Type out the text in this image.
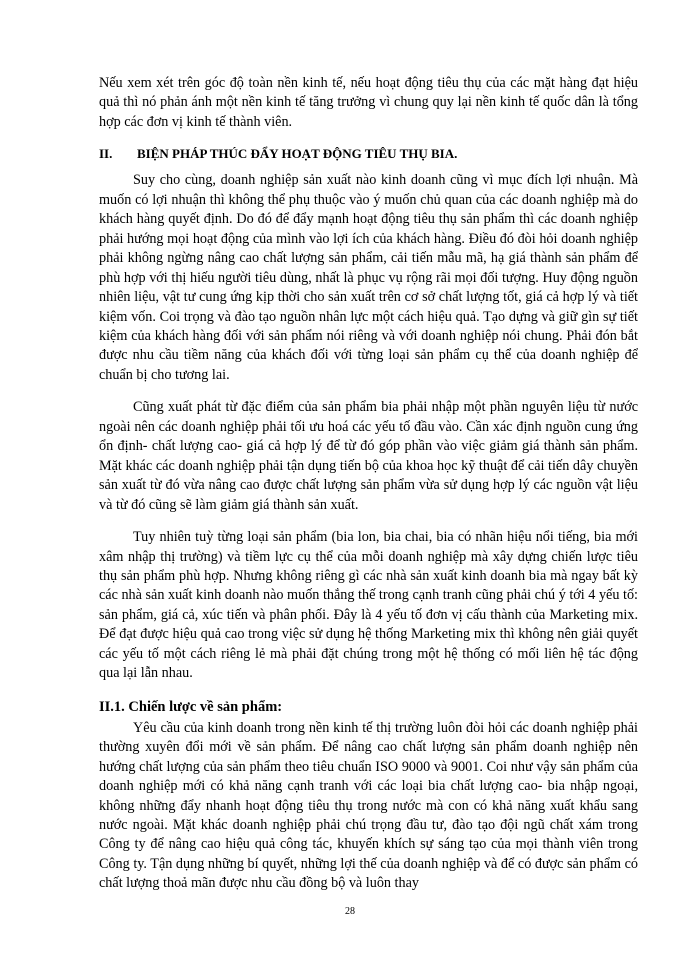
Nếu xem xét trên góc độ toàn nền kinh tế, nếu hoạt động tiêu thụ của các mặt hàng đạt hiệu quả thì nó phản ánh một nền kinh tế tăng trưởng vì chung quy lại nền kinh tế quốc dân là tổng hợp các đơn vị kinh tế thành viên.

II.	BIỆN PHÁP THÚC ĐẨY HOẠT ĐỘNG TIÊU THỤ BIA.

Suy cho cùng, doanh nghiệp sản xuất nào kinh doanh cũng vì mục đích lợi nhuận. Mà muốn có lợi nhuận thì không thể phụ thuộc vào ý muốn chủ quan của các doanh nghiệp mà do khách hàng quyết định. Do đó để đẩy mạnh hoạt động tiêu thụ sản phẩm thì các doanh nghiệp phải hướng mọi hoạt động của mình vào lợi ích của khách hàng. Điều đó đòi hỏi doanh nghiệp phải không ngừng nâng cao chất lượng sản phẩm, cải tiến mẫu mã, hạ giá thành sản phẩm để phù hợp với thị hiếu người tiêu dùng, nhất là phục vụ rộng rãi mọi đối tượng. Huy động nguồn nhiên liệu, vật tư cung ứng kịp thời cho sản xuất trên cơ sở chất lượng tốt, giá cả hợp lý và tiết kiệm vốn. Coi trọng và đào tạo nguồn nhân lực một cách hiệu quả. Tạo dựng và giữ gìn sự tiết kiệm của khách hàng đối với sản phẩm nói riêng và với doanh nghiệp nói chung. Phải đón bắt được nhu cầu tiềm năng của khách đối với từng loại sản phẩm cụ thể của doanh nghiệp để chuẩn bị cho tương lai.

Cũng xuất phát từ đặc điểm của sản phẩm bia phải nhập một phần nguyên liệu từ nước ngoài nên các doanh nghiệp phải tối ưu hoá các yếu tố đầu vào. Cần xác định nguồn cung ứng ổn định- chất lượng cao- giá cả hợp lý để từ đó góp phần vào việc giảm giá thành sản phẩm. Mặt khác các doanh nghiệp phải tận dụng tiến bộ của khoa học kỹ thuật để cải tiến dây chuyền sản xuất từ đó vừa nâng cao được chất lượng sản phẩm vừa sử dụng hợp lý các nguồn vật liệu và từ đó cũng sẽ làm giảm giá thành sản xuất.

Tuy nhiên tuỳ từng loại sản phẩm (bia lon, bia chai, bia có nhãn hiệu nổi tiếng, bia mới xâm nhập thị trường) và tiềm lực cụ thể của mỗi doanh nghiệp mà xây dựng chiến lược tiêu thụ sản phẩm phù hợp. Nhưng không riêng gì các nhà sản xuất kinh doanh bia mà ngay bất kỳ các nhà sản xuất kinh doanh nào muốn thắng thế trong cạnh tranh cũng phải chú ý tới 4 yếu tố: sản phẩm, giá cả, xúc tiến và phân phối. Đây là 4 yếu tố đơn vị cấu thành của Marketing mix. Để đạt được hiệu quả cao trong việc sử dụng hệ thống Marketing mix thì không nên giải quyết các yếu tố một cách riêng lẻ mà phải đặt chúng trong một hệ thống có mối liên hệ tác động qua lại lẫn nhau.

II.1. Chiến lược về sản phẩm:

Yêu cầu của kinh doanh trong nền kinh tế thị trường luôn đòi hỏi các doanh nghiệp phải thường xuyên đổi mới về sản phẩm. Để nâng cao chất lượng sản phẩm doanh nghiệp nên hướng chất lượng của sản phẩm theo tiêu chuẩn ISO 9000 và 9001. Coi như vậy sản phẩm của doanh nghiệp mới có khả năng cạnh tranh với các loại bia chất lượng cao- bia nhập ngoại, không những đẩy nhanh hoạt động tiêu thụ trong nước mà con có khả năng xuất khẩu sang nước ngoài. Mặt khác doanh nghiệp phải chú trọng đầu tư, đào tạo đội ngũ chất xám trong Công ty để nâng cao hiệu quả công tác, khuyến khích sự sáng tạo của mọi thành viên trong Công ty. Tận dụng những bí quyết, những lợi thế của doanh nghiệp và để có được sản phẩm có chất lượng thoả mãn được nhu cầu đồng bộ và luôn thay

28
